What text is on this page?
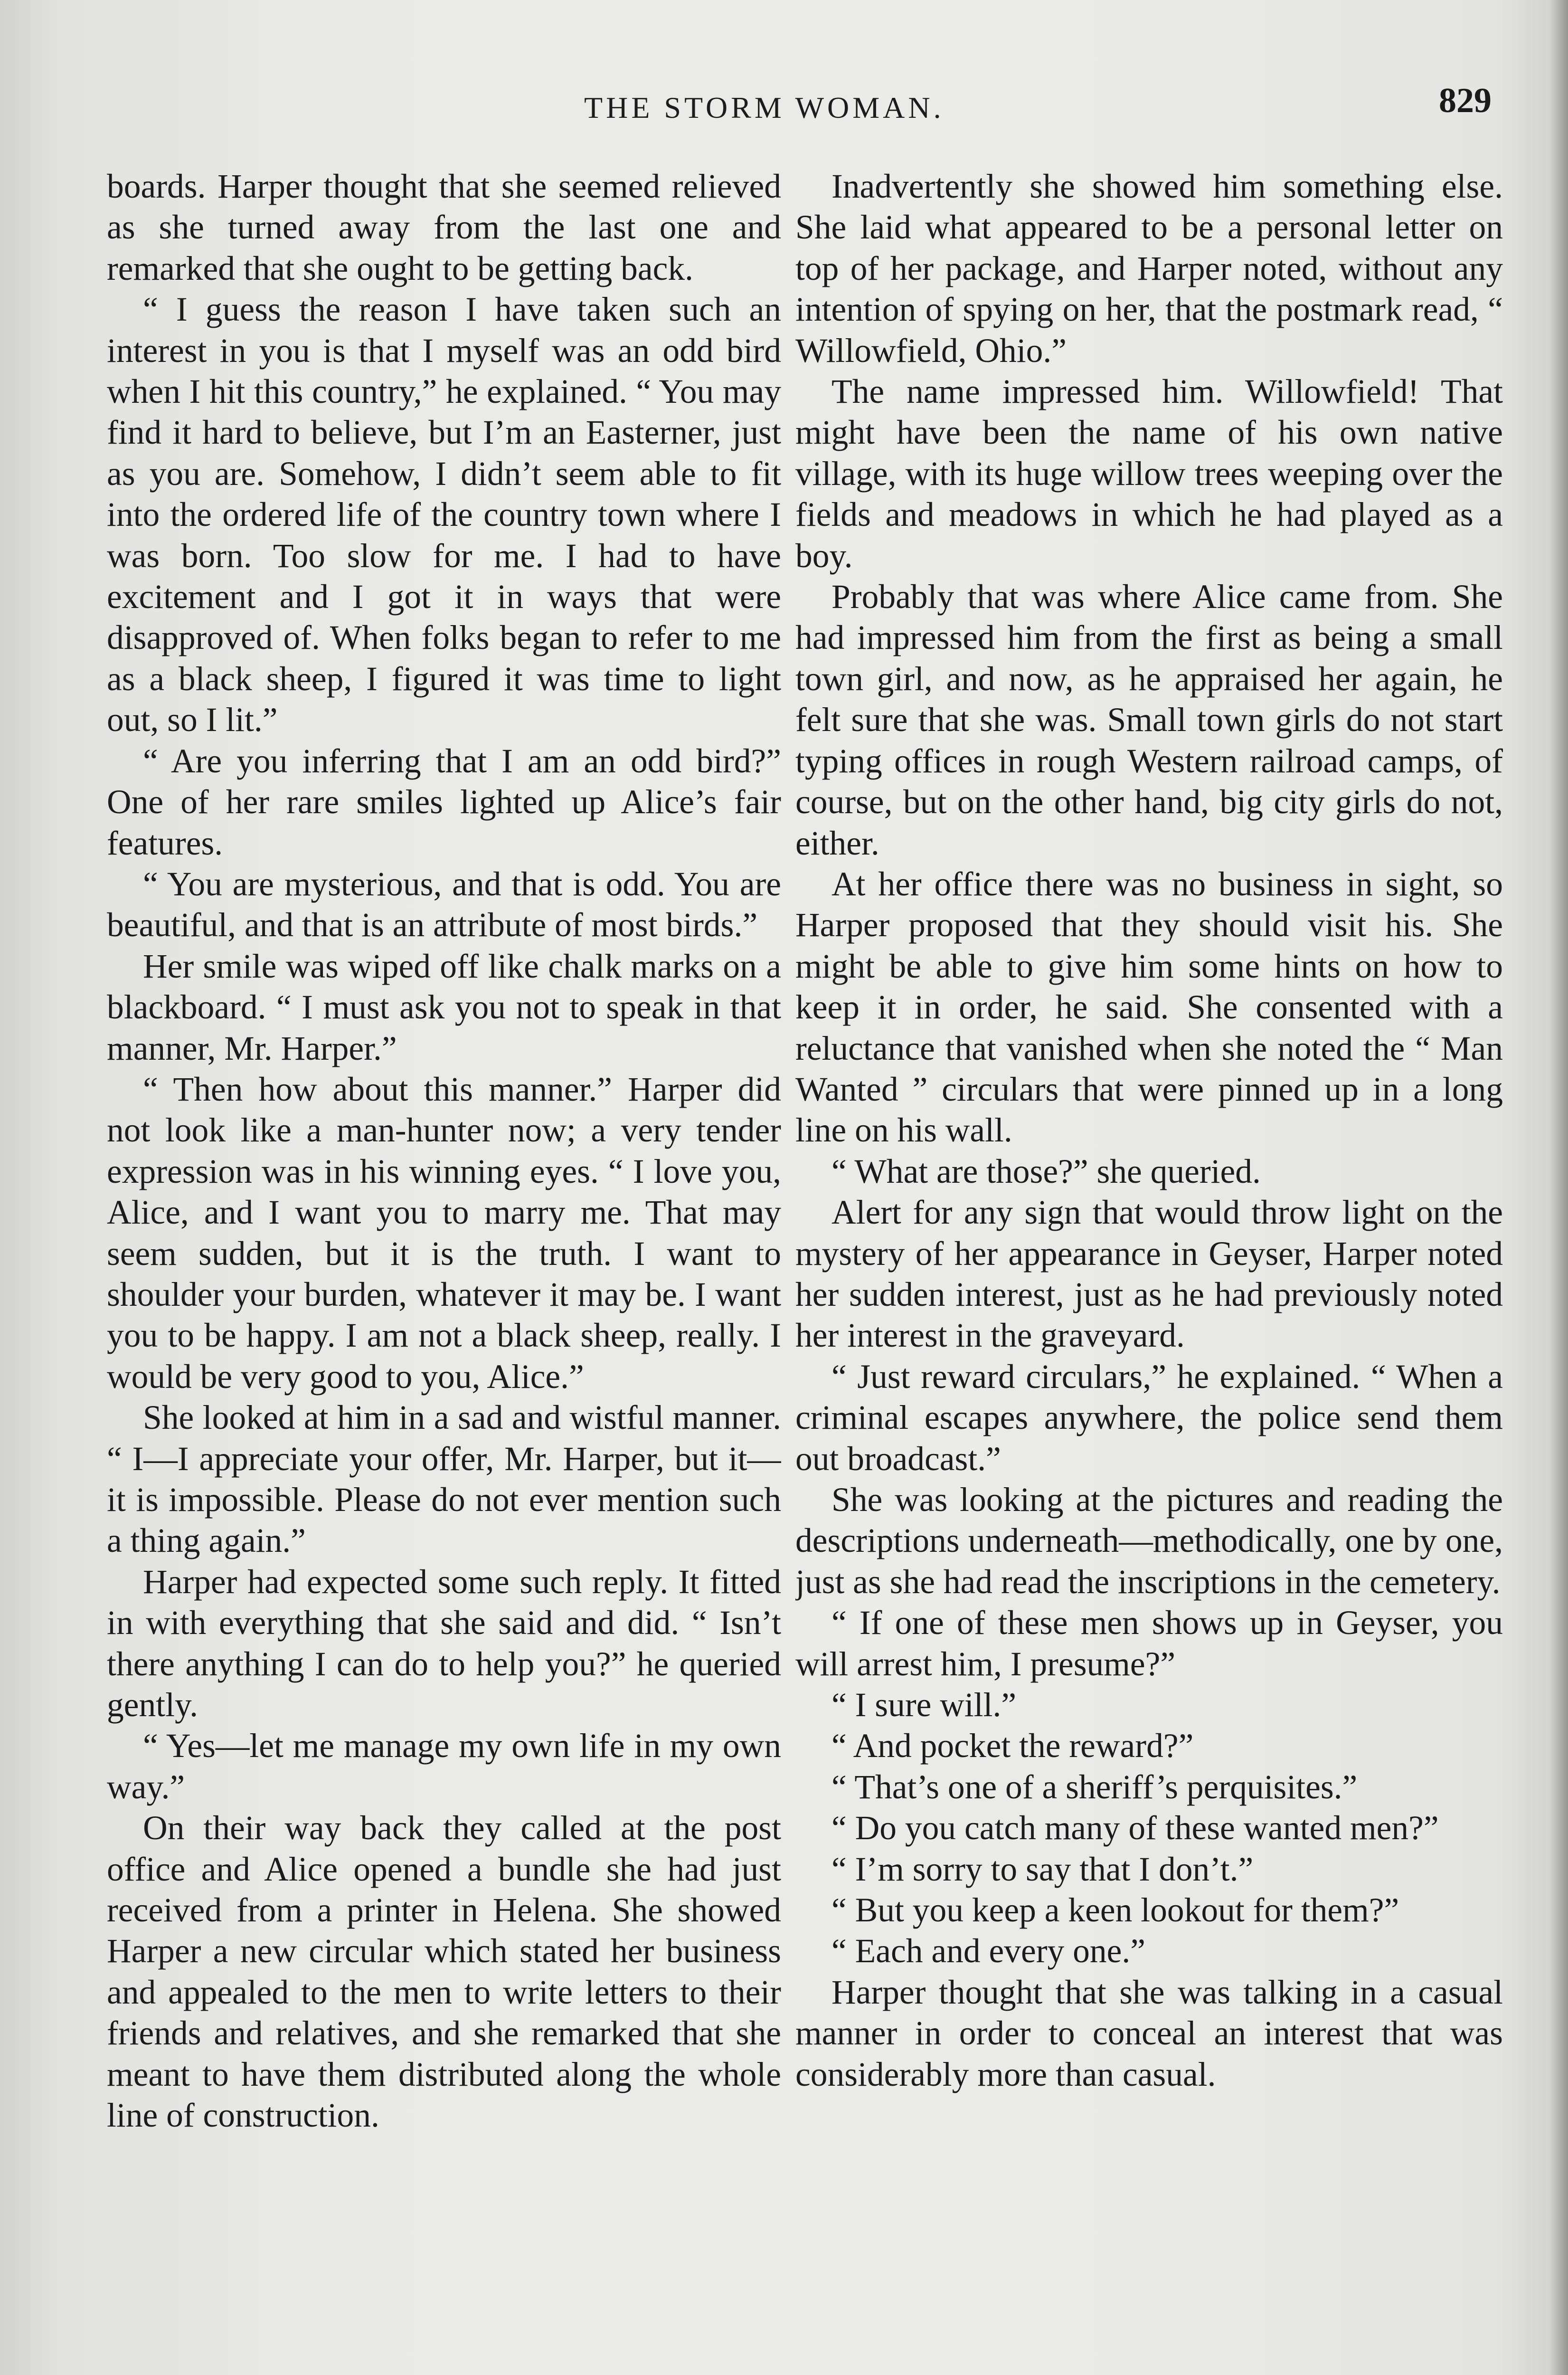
THE STORM WOMAN.	829

boards. Harper thought that she seemed relieved as she turned away from the last one and remarked that she ought to be getting back.

“ I guess the reason I have taken such an interest in you is that I myself was an odd bird when I hit this country,” he explained. “ You may find it hard to believe, but I’m an Easterner, just as you are. Somehow, I didn’t seem able to fit into the ordered life of the country town where I was born. Too slow for me. I had to have excitement and I got it in ways that were disapproved of. When folks began to refer to me as a black sheep, I figured it was time to light out, so I lit.”

“ Are you inferring that I am an odd bird?” One of her rare smiles lighted up Alice’s fair features.

“ You are mysterious, and that is odd. You are beautiful, and that is an attribute of most birds.”

Her smile was wiped off like chalk marks on a blackboard. “ I must ask you not to speak in that manner, Mr. Harper.”

“ Then how about this manner.” Harper did not look like a man-hunter now; a very tender expression was in his winning eyes. “ I love you, Alice, and I want you to marry me. That may seem sudden, but it is the truth. I want to shoulder your burden, whatever it may be. I want you to be happy. I am not a black sheep, really. I would be very good to you, Alice.”

She looked at him in a sad and wistful manner. “ I—I appreciate your offer, Mr. Harper, but it—it is impossible. Please do not ever mention such a thing again.”

Harper had expected some such reply. It fitted in with everything that she said and did. “ Isn’t there anything I can do to help you?” he queried gently.

“ Yes—let me manage my own life in my own way.”

On their way back they called at the post office and Alice opened a bundle she had just received from a printer in Helena. She showed Harper a new circular which stated her business and appealed to the men to write letters to their friends and relatives, and she remarked that she meant to have them distributed along the whole line of construction.

Inadvertently she showed him something else. She laid what appeared to be a personal letter on top of her package, and Harper noted, without any intention of spying on her, that the postmark read, “ Willowfield, Ohio.”

The name impressed him. Willowfield! That might have been the name of his own native village, with its huge willow trees weeping over the fields and meadows in which he had played as a boy.

Probably that was where Alice came from. She had impressed him from the first as being a small town girl, and now, as he appraised her again, he felt sure that she was. Small town girls do not start typing offices in rough Western railroad camps, of course, but on the other hand, big city girls do not, either.

At her office there was no business in sight, so Harper proposed that they should visit his. She might be able to give him some hints on how to keep it in order, he said. She consented with a reluctance that vanished when she noted the “ Man Wanted ” circulars that were pinned up in a long line on his wall.

“ What are those?” she queried.

Alert for any sign that would throw light on the mystery of her appearance in Geyser, Harper noted her sudden interest, just as he had previously noted her interest in the graveyard.

“ Just reward circulars,” he explained. “ When a criminal escapes anywhere, the police send them out broadcast.”

She was looking at the pictures and reading the descriptions underneath—methodically, one by one, just as she had read the inscriptions in the cemetery.

“ If one of these men shows up in Geyser, you will arrest him, I presume?”

“ I sure will.”

“ And pocket the reward?”

“ That’s one of a sheriff’s perquisites.”

“ Do you catch many of these wanted men?”

“ I’m sorry to say that I don’t.”

“ But you keep a keen lookout for them?”

“ Each and every one.”

Harper thought that she was talking in a casual manner in order to conceal an interest that was considerably more than casual.
